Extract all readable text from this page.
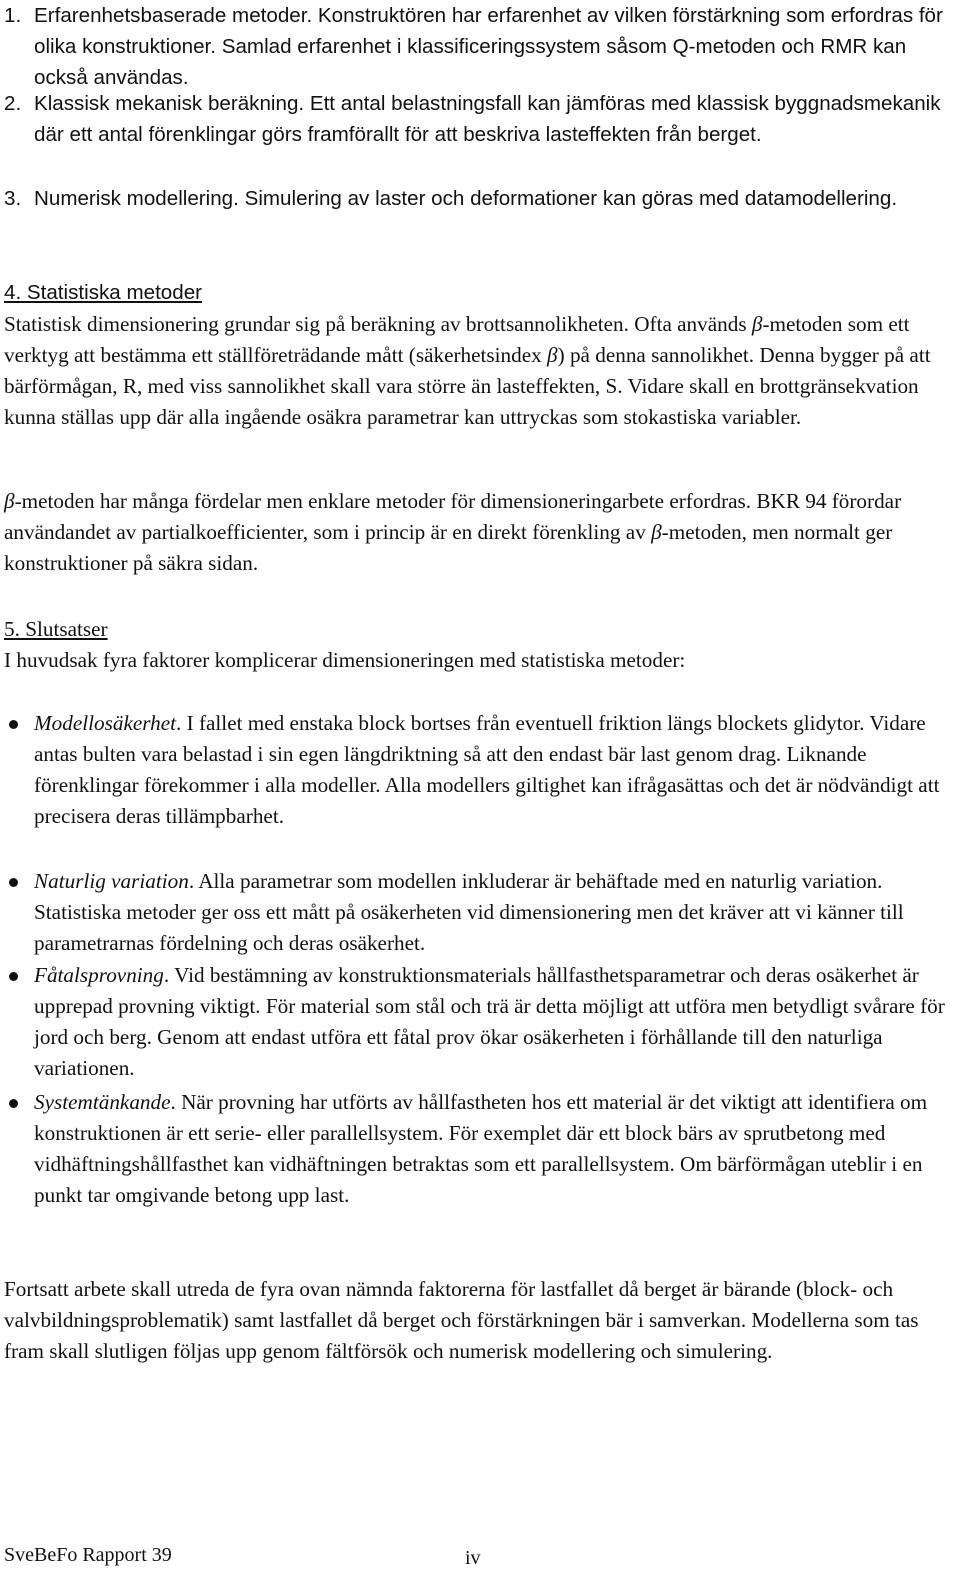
1. Erfarenhetsbaserade metoder. Konstruktören har erfarenhet av vilken förstärkning som erfordras för olika konstruktioner. Samlad erfarenhet i klassificeringssystem såsom Q-metoden och RMR kan också användas.

2. Klassisk mekanisk beräkning. Ett antal belastningsfall kan jämföras med klassisk byggnadsmekanik där ett antal förenklingar görs framförallt för att beskriva lasteffekten från berget.

3. Numerisk modellering. Simulering av laster och deformationer kan göras med datamodellering.

4. Statistiska metoder

Statistisk dimensionering grundar sig på beräkning av brottsannolikheten. Ofta används β-metoden som ett verktyg att bestämma ett ställföreträdande mått (säkerhetsindex β) på denna sannolikhet. Denna bygger på att bärförmågan, R, med viss sannolikhet skall vara större än lasteffekten, S. Vidare skall en brottgränsekvation kunna ställas upp där alla ingående osäkra parametrar kan uttryckas som stokastiska variabler.

β-metoden har många fördelar men enklare metoder för dimensioneringarbete erfordras. BKR 94 förordar användandet av partialkoefficienter, som i princip är en direkt förenkling av β-metoden, men normalt ger konstruktioner på säkra sidan.

5. Slutsatser

I huvudsak fyra faktorer komplicerar dimensioneringen med statistiska metoder:

Modellosäkerhet. I fallet med enstaka block bortses från eventuell friktion längs blockets glidytor. Vidare antas bulten vara belastad i sin egen längdriktning så att den endast bär last genom drag. Liknande förenklingar förekommer i alla modeller. Alla modellers giltighet kan ifrågasättas och det är nödvändigt att precisera deras tillämpbarhet.
Naturlig variation. Alla parametrar som modellen inkluderar är behäftade med en naturlig variation. Statistiska metoder ger oss ett mått på osäkerheten vid dimensionering men det kräver att vi känner till parametrarnas fördelning och deras osäkerhet.
Fåtalsprovning. Vid bestämning av konstruktionsmaterials hållfasthetsparametrar och deras osäkerhet är upprepad provning viktigt. För material som stål och trä är detta möjligt att utföra men betydligt svårare för jord och berg. Genom att endast utföra ett fåtal prov ökar osäkerheten i förhållande till den naturliga variationen.
Systemtänkande. När provning har utförts av hållfastheten hos ett material är det viktigt att identifiera om konstruktionen är ett serie- eller parallellsystem. För exemplet där ett block bärs av sprutbetong med vidhäftningshållfasthet kan vidhäftningen betraktas som ett parallellsystem. Om bärförmågan uteblir i en punkt tar omgivande betong upp last.

Fortsatt arbete skall utreda de fyra ovan nämnda faktorerna för lastfallet då berget är bärande (block- och valvbildningsproblematik) samt lastfallet då berget och förstärkningen bär i samverkan. Modellerna som tas fram skall slutligen följas upp genom fältförsök och numerisk modellering och simulering.

SveBeFo Rapport 39	iv
